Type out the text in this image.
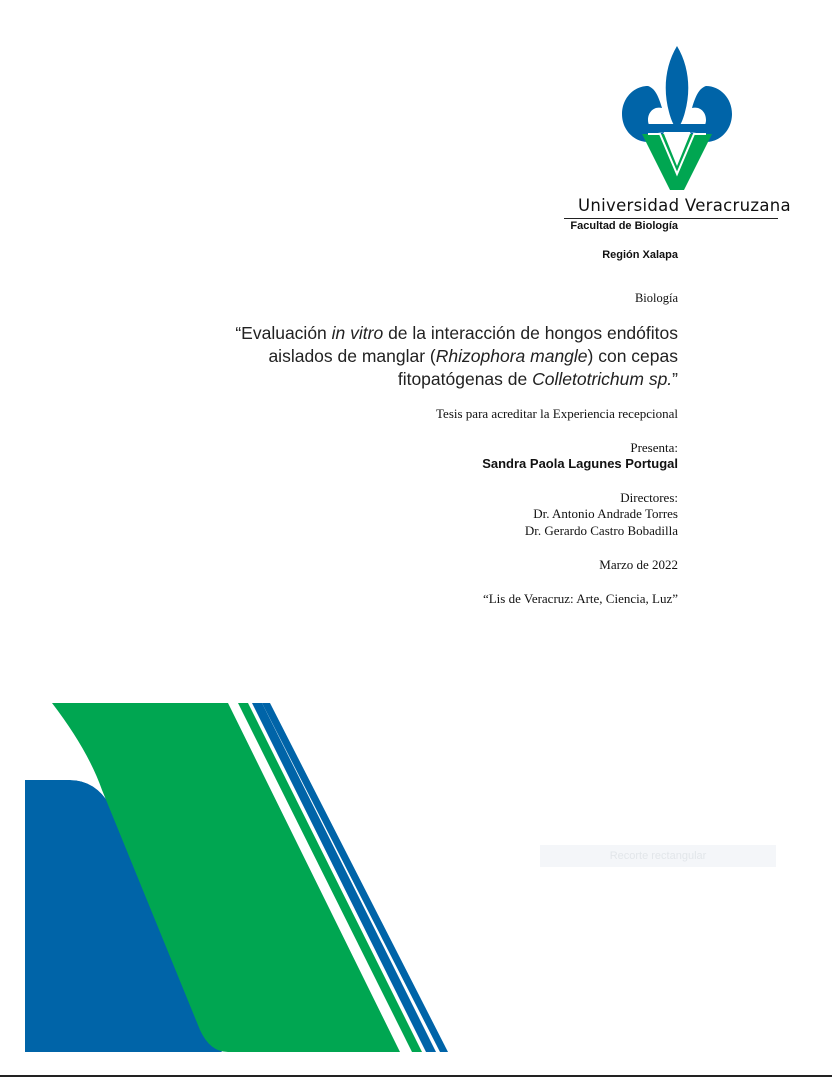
Universidad Veracruzana
Facultad de Biología
Región Xalapa
Biología
“Evaluación in vitro de la interacción de hongos endófitos
aislados de manglar (Rhizophora mangle) con cepas
fitopatógenas de Colletotrichum sp.”
Tesis para acreditar la Experiencia recepcional
Presenta:
Sandra Paola Lagunes Portugal
Directores:
Dr. Antonio Andrade Torres
Dr. Gerardo Castro Bobadilla
Marzo de 2022
“Lis de Veracruz: Arte, Ciencia, Luz”
Recorte rectangular
